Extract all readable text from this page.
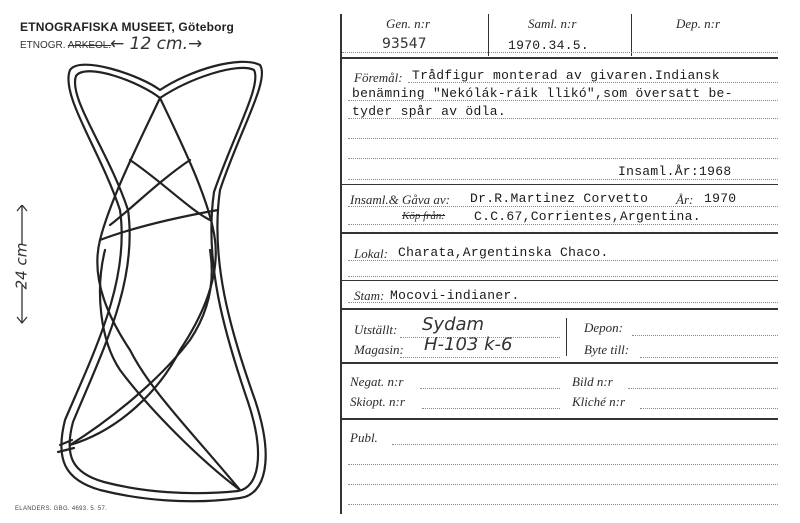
ETNOGRAFISKA MUSEET, Göteborg
ETNOGR. ARKEOL.
← 12 cm.→
24 cm
ELANDERS. GBG. 4693. 5. 57.
Gen. n:r	Saml. n:r	Dep. n:r
93547	1970.34.5.
Föremål: Trådfigur monterad av givaren.Indiansk
benämning "Nekólák-ráik llikó",som översatt be-
tyder spår av ödla.
Insaml.År:1968
Insaml.& Gåva av: Dr.R.Martinez Corvetto År: 1970
Köp från: C.C.67,Corrientes,Argentina.
Lokal: Charata,Argentinska Chaco.
Stam: Mocovi-indianer.
Utställt: Sydam
Magasin: H-103 k-6
Depon:
Byte till:
Negat. n:r	Bild n:r
Skiopt. n:r	Kliché n:r
Publ.
